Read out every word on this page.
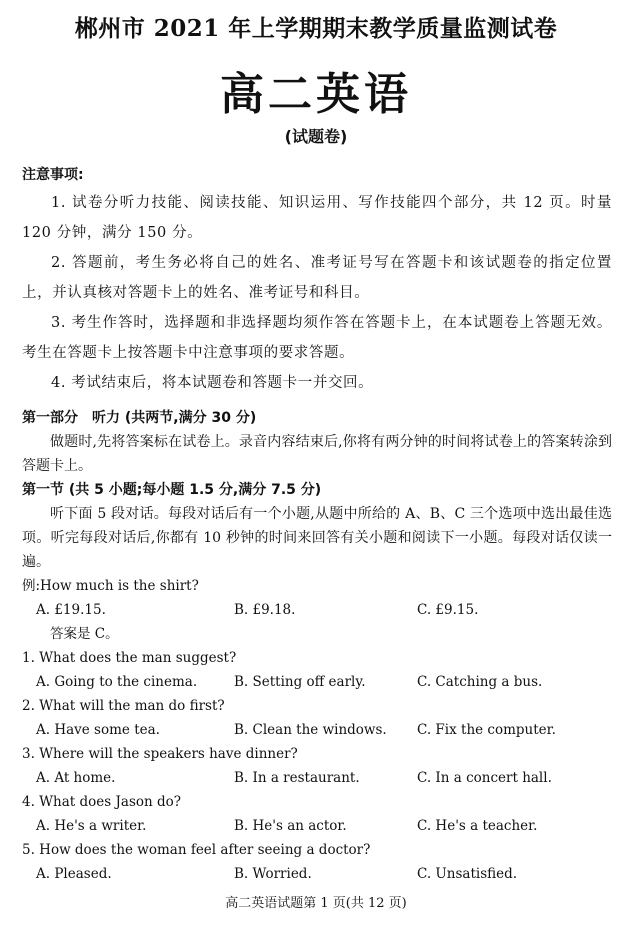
郴州市 2021 年上学期期末教学质量监测试卷
高二英语
(试题卷)
注意事项:

1. 试卷分听力技能、阅读技能、知识运用、写作技能四个部分，共 12 页。时量 120 分钟，满分 150 分。

2. 答题前，考生务必将自己的姓名、准考证号写在答题卡和该试题卷的指定位置上，并认真核对答题卡上的姓名、准考证号和科目。

3. 考生作答时，选择题和非选择题均须作答在答题卡上，在本试题卷上答题无效。考生在答题卡上按答题卡中注意事项的要求答题。

4. 考试结束后，将本试题卷和答题卡一并交回。

第一部分　听力 (共两节,满分 30 分)

做题时,先将答案标在试卷上。录音内容结束后,你将有两分钟的时间将试卷上的答案转涂到答题卡上。

第一节 (共 5 小题;每小题 1.5 分,满分 7.5 分)

听下面 5 段对话。每段对话后有一个小题,从题中所给的 A、B、C 三个选项中选出最佳选项。听完每段对话后,你都有 10 秒钟的时间来回答有关小题和阅读下一小题。每段对话仅读一遍。

例:How much is the shirt?
A. £19.15.	B. £9.18.	C. £9.15.
答案是 C。
1. What does the man suggest?
A. Going to the cinema.	B. Setting off early.	C. Catching a bus.
2. What will the man do first?
A. Have some tea.	B. Clean the windows. C. Fix the computer.
3. Where will the speakers have dinner?
A. At home.	B. In a restaurant.	C. In a concert hall.
4. What does Jason do?
A. He's a writer.	B. He's an actor.	C. He's a teacher.
5. How does the woman feel after seeing a doctor?
A. Pleased.	B. Worried.	C. Unsatisfied.
高二英语试题第 1 页(共 12 页)
